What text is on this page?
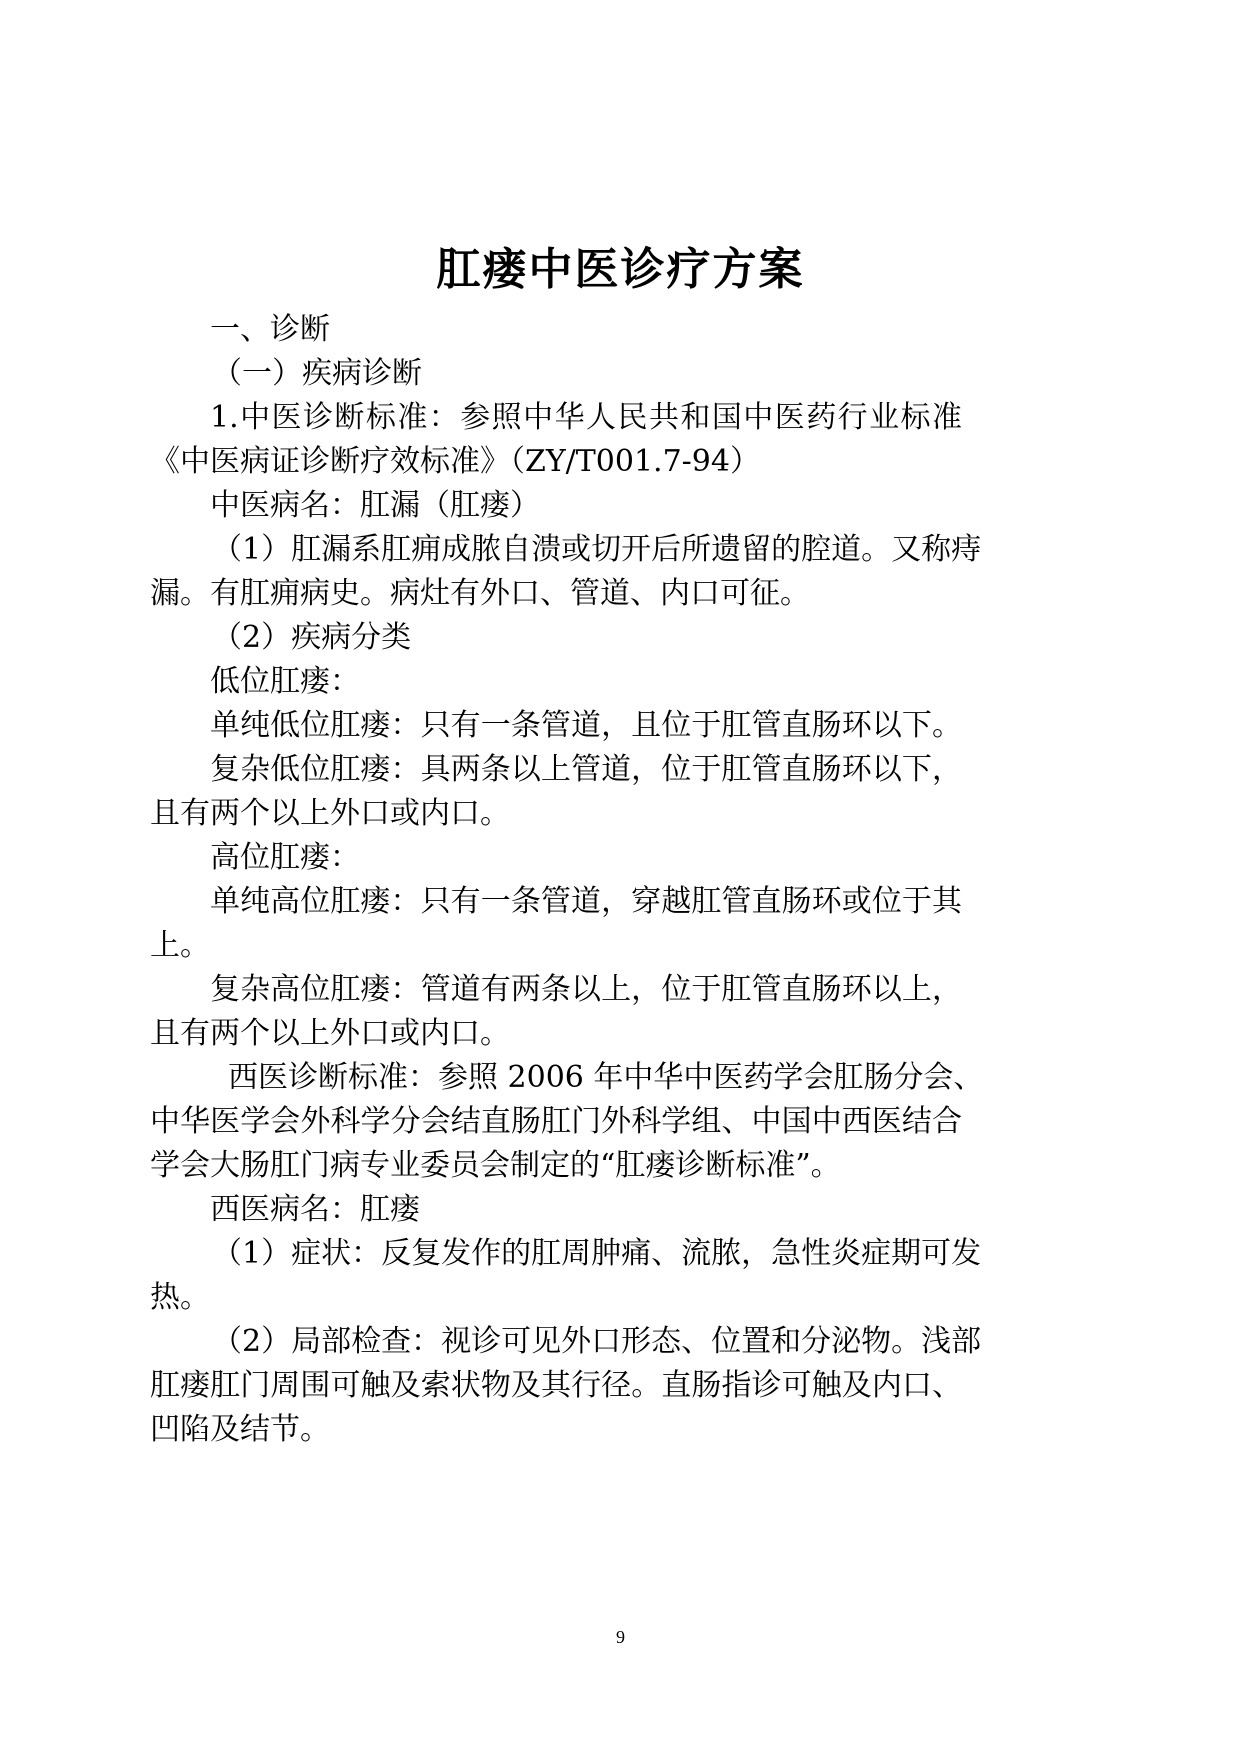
肛瘘中医诊疗方案
一、诊断
（一）疾病诊断
1.中医诊断标准：参照中华人民共和国中医药行业标准
《中医病证诊断疗效标准》（ZY/T001.7-94）
中医病名：肛漏（肛瘘）
（1）肛漏系肛痈成脓自溃或切开后所遗留的腔道。又称痔
漏。有肛痈病史。病灶有外口、管道、内口可征。
（2）疾病分类
低位肛瘘：
单纯低位肛瘘：只有一条管道，且位于肛管直肠环以下。
复杂低位肛瘘：具两条以上管道，位于肛管直肠环以下，
且有两个以上外口或内口。
高位肛瘘：
单纯高位肛瘘：只有一条管道，穿越肛管直肠环或位于其
上。
复杂高位肛瘘：管道有两条以上，位于肛管直肠环以上，
且有两个以上外口或内口。
西医诊断标准：参照 2006 年中华中医药学会肛肠分会、
中华医学会外科学分会结直肠肛门外科学组、中国中西医结合
学会大肠肛门病专业委员会制定的“肛瘘诊断标准”。
西医病名：肛瘘
（1）症状：反复发作的肛周肿痛、流脓，急性炎症期可发
热。
（2）局部检查：视诊可见外口形态、位置和分泌物。浅部
肛瘘肛门周围可触及索状物及其行径。直肠指诊可触及内口、
凹陷及结节。
9
